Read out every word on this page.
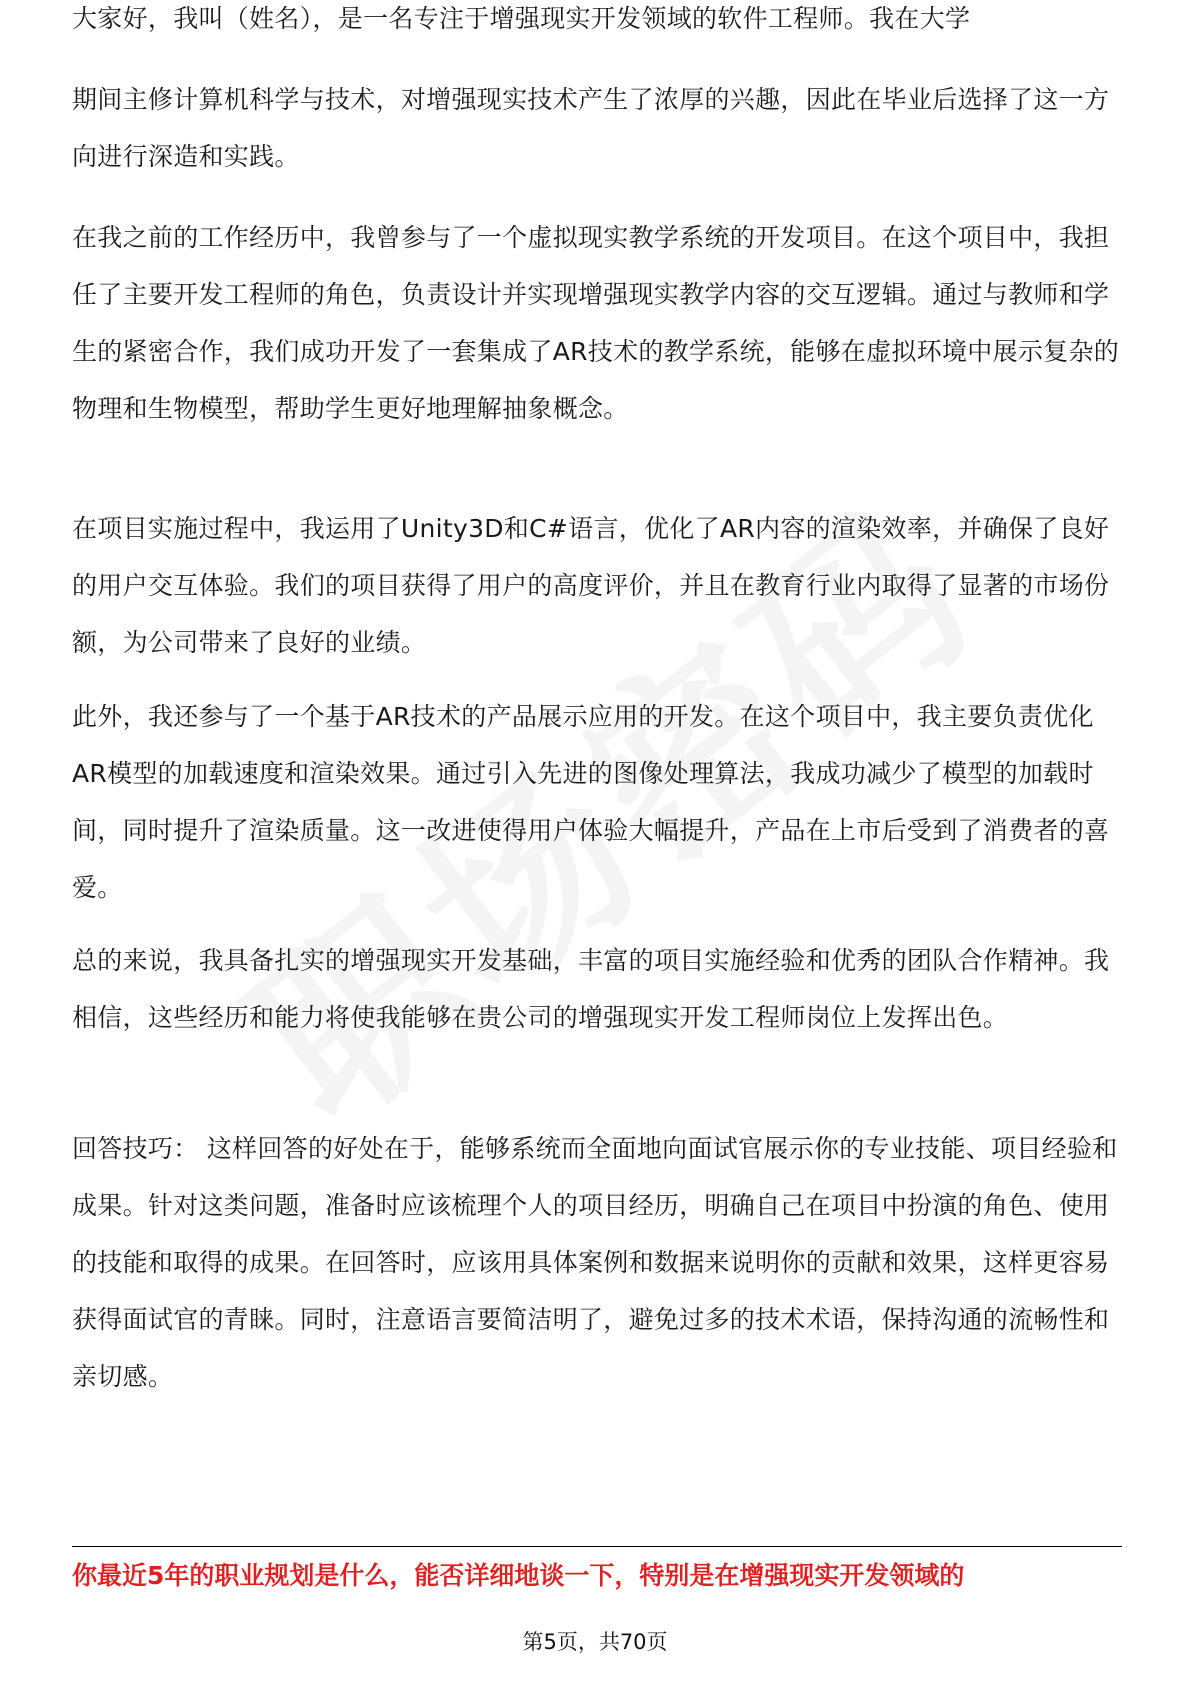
大家好，我叫（姓名），是一名专注于增强现实开发领域的软件工程师。我在大学

期间主修计算机科学与技术，对增强现实技术产生了浓厚的兴趣，因此在毕业后选择了这一方向进行深造和实践。

在我之前的工作经历中，我曾参与了一个虚拟现实教学系统的开发项目。在这个项目中，我担任了主要开发工程师的角色，负责设计并实现增强现实教学内容的交互逻辑。通过与教师和学生的紧密合作，我们成功开发了一套集成了AR技术的教学系统，能够在虚拟环境中展示复杂的物理和生物模型，帮助学生更好地理解抽象概念。

在项目实施过程中，我运用了Unity3D和C#语言，优化了AR内容的渲染效率，并确保了良好的用户交互体验。我们的项目获得了用户的高度评价，并且在教育行业内取得了显著的市场份额，为公司带来了良好的业绩。

此外，我还参与了一个基于AR技术的产品展示应用的开发。在这个项目中，我主要负责优化AR模型的加载速度和渲染效果。通过引入先进的图像处理算法，我成功减少了模型的加载时间，同时提升了渲染质量。这一改进使得用户体验大幅提升，产品在上市后受到了消费者的喜爱。

总的来说，我具备扎实的增强现实开发基础，丰富的项目实施经验和优秀的团队合作精神。我相信，这些经历和能力将使我能够在贵公司的增强现实开发工程师岗位上发挥出色。

回答技巧： 这样回答的好处在于，能够系统而全面地向面试官展示你的专业技能、项目经验和成果。针对这类问题，准备时应该梳理个人的项目经历，明确自己在项目中扮演的角色、使用的技能和取得的成果。在回答时，应该用具体案例和数据来说明你的贡献和效果，这样更容易获得面试官的青睐。同时，注意语言要简洁明了，避免过多的技术术语，保持沟通的流畅性和亲切感。

你最近5年的职业规划是什么，能否详细地谈一下，特别是在增强现实开发领域的
第5页，共70页
